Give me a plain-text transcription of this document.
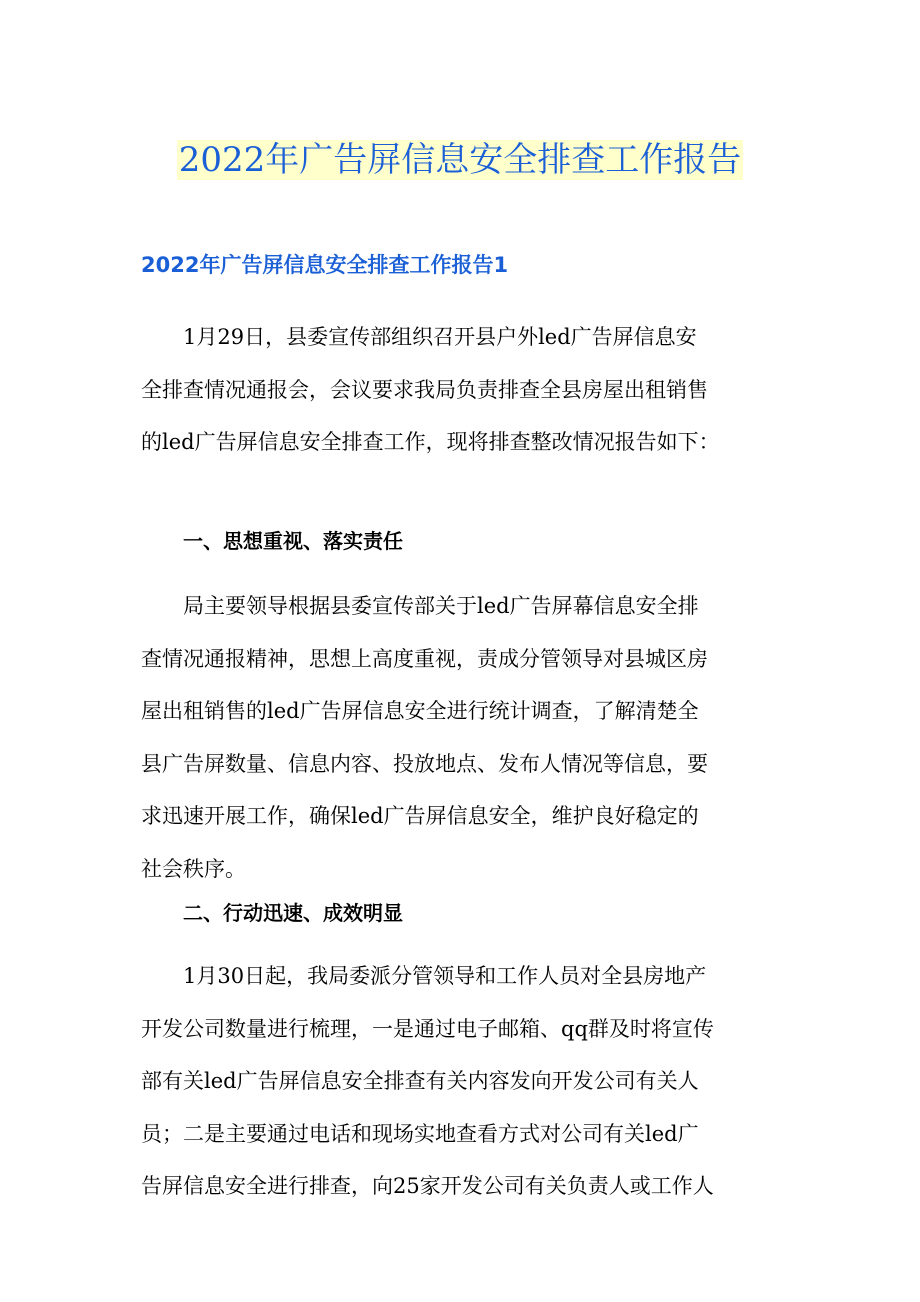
2022年广告屏信息安全排查工作报告
2022年广告屏信息安全排查工作报告1
1月29日，县委宣传部组织召开县户外led广告屏信息安
全排查情况通报会，会议要求我局负责排查全县房屋出租销售
的led广告屏信息安全排查工作，现将排查整改情况报告如下：
一、思想重视、落实责任
局主要领导根据县委宣传部关于led广告屏幕信息安全排
查情况通报精神，思想上高度重视，责成分管领导对县城区房
屋出租销售的led广告屏信息安全进行统计调查，了解清楚全
县广告屏数量、信息内容、投放地点、发布人情况等信息，要
求迅速开展工作，确保led广告屏信息安全，维护良好稳定的
社会秩序。
二、行动迅速、成效明显
1月30日起，我局委派分管领导和工作人员对全县房地产
开发公司数量进行梳理，一是通过电子邮箱、qq群及时将宣传
部有关led广告屏信息安全排查有关内容发向开发公司有关人
员；二是主要通过电话和现场实地查看方式对公司有关led广
告屏信息安全进行排查，向25家开发公司有关负责人或工作人
